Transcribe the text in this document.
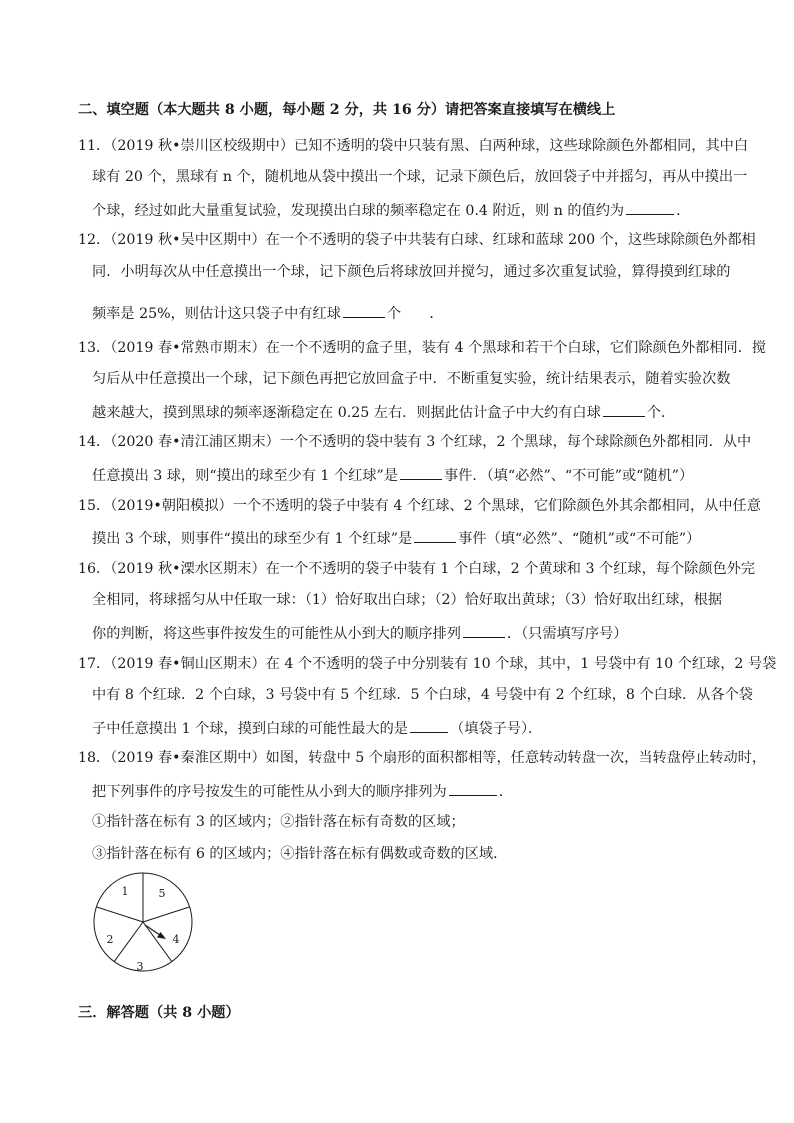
二、填空题（本大题共 8 小题，每小题 2 分，共 16 分）请把答案直接填写在横线上
11．（2019 秋•崇川区校级期中）已知不透明的袋中只装有黑、白两种球，这些球除颜色外都相同，其中白
球有 20 个，黑球有 n 个，随机地从袋中摸出一个球，记录下颜色后，放回袋子中并摇匀，再从中摸出一
个球，经过如此大量重复试验，发现摸出白球的频率稳定在 0.4 附近，则 n 的值约为	．
12．（2019 秋•吴中区期中）在一个不透明的袋子中共装有白球、红球和蓝球 200 个，这些球除颜色外都相
同．小明每次从中任意摸出一个球，记下颜色后将球放回并搅匀，通过多次重复试验，算得摸到红球的
频率是 25%，则估计这只袋子中有红球	个　　．
13．（2019 春•常熟市期末）在一个不透明的盒子里，装有 4 个黑球和若干个白球，它们除颜色外都相同．搅
匀后从中任意摸出一个球，记下颜色再把它放回盒子中．不断重复实验，统计结果表示，随着实验次数
越来越大，摸到黑球的频率逐渐稳定在 0.25 左右．则据此估计盒子中大约有白球	个．
14．（2020 春•清江浦区期末）一个不透明的袋中装有 3 个红球，2 个黑球，每个球除颜色外都相同．从中
任意摸出 3 球，则“摸出的球至少有 1 个红球”是	事件．（填“必然”、“不可能”或“随机”）
15．（2019•朝阳模拟）一个不透明的袋子中装有 4 个红球、2 个黑球，它们除颜色外其余都相同，从中任意
摸出 3 个球，则事件“摸出的球至少有 1 个红球”是	事件（填“必然”、“随机”或“不可能”）
16．（2019 秋•溧水区期末）在一个不透明的袋子中装有 1 个白球，2 个黄球和 3 个红球，每个除颜色外完
全相同，将球摇匀从中任取一球：（1）恰好取出白球；（2）恰好取出黄球；（3）恰好取出红球，根据
你的判断，将这些事件按发生的可能性从小到大的顺序排列	．（只需填写序号）
17．（2019 春•铜山区期末）在 4 个不透明的袋子中分别装有 10 个球，其中，1 号袋中有 10 个红球，2 号袋
中有 8 个红球．2 个白球，3 号袋中有 5 个红球．5 个白球，4 号袋中有 2 个红球，8 个白球．从各个袋
子中任意摸出 1 个球，摸到白球的可能性最大的是	（填袋子号）．
18．（2019 春•秦淮区期中）如图，转盘中 5 个扇形的面积都相等，任意转动转盘一次，当转盘停止转动时，
把下列事件的序号按发生的可能性从小到大的顺序排列为	．
①指针落在标有 3 的区域内；②指针落在标有奇数的区域；
③指针落在标有 6 的区域内；④指针落在标有偶数或奇数的区域．
1	5
4
3
2
三．解答题（共 8 小题）
